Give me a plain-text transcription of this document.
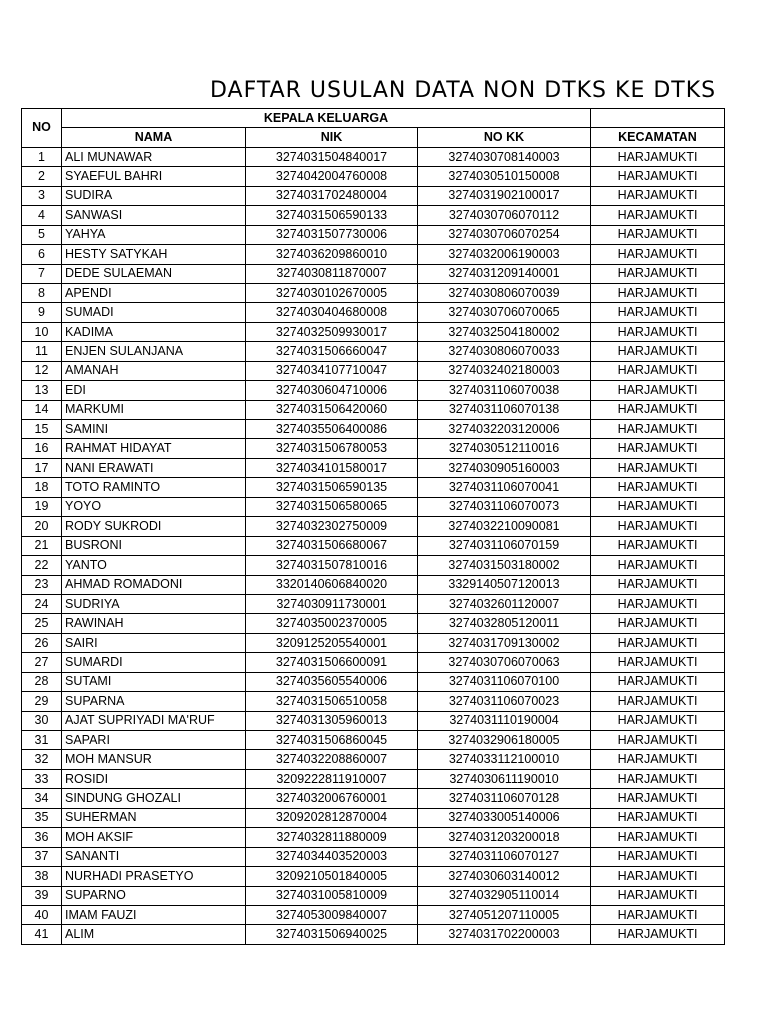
DAFTAR USULAN DATA NON DTKS KE DTKS
NO	KEPALA KELUARGA			
	NAMA	NIK	NO KK	KECAMATAN
1	ALI MUNAWAR	3274031504840017	3274030708140003	HARJAMUKTI
2	SYAEFUL BAHRI	3274042004760008	3274030510150008	HARJAMUKTI
3	SUDIRA	3274031702480004	3274031902100017	HARJAMUKTI
4	SANWASI	3274031506590133	3274030706070112	HARJAMUKTI
5	YAHYA	3274031507730006	3274030706070254	HARJAMUKTI
6	HESTY SATYKAH	3274036209860010	3274032006190003	HARJAMUKTI
7	DEDE SULAEMAN	3274030811870007	3274031209140001	HARJAMUKTI
8	APENDI	3274030102670005	3274030806070039	HARJAMUKTI
9	SUMADI	3274030404680008	3274030706070065	HARJAMUKTI
10	KADIMA	3274032509930017	3274032504180002	HARJAMUKTI
11	ENJEN SULANJANA	3274031506660047	3274030806070033	HARJAMUKTI
12	AMANAH	3274034107710047	3274032402180003	HARJAMUKTI
13	EDI	3274030604710006	3274031106070038	HARJAMUKTI
14	MARKUMI	3274031506420060	3274031106070138	HARJAMUKTI
15	SAMINI	3274035506400086	3274032203120006	HARJAMUKTI
16	RAHMAT HIDAYAT	3274031506780053	3274030512110016	HARJAMUKTI
17	NANI ERAWATI	3274034101580017	3274030905160003	HARJAMUKTI
18	TOTO RAMINTO	3274031506590135	3274031106070041	HARJAMUKTI
19	YOYO	3274031506580065	3274031106070073	HARJAMUKTI
20	RODY SUKRODI	3274032302750009	3274032210090081	HARJAMUKTI
21	BUSRONI	3274031506680067	3274031106070159	HARJAMUKTI
22	YANTO	3274031507810016	3274031503180002	HARJAMUKTI
23	AHMAD ROMADONI	3320140606840020	3329140507120013	HARJAMUKTI
24	SUDRIYA	3274030911730001	3274032601120007	HARJAMUKTI
25	RAWINAH	3274035002370005	3274032805120011	HARJAMUKTI
26	SAIRI	3209125205540001	3274031709130002	HARJAMUKTI
27	SUMARDI	3274031506600091	3274030706070063	HARJAMUKTI
28	SUTAMI	3274035605540006	3274031106070100	HARJAMUKTI
29	SUPARNA	3274031506510058	3274031106070023	HARJAMUKTI
30	AJAT SUPRIYADI MA'RUF	3274031305960013	3274031110190004	HARJAMUKTI
31	SAPARI	3274031506860045	3274032906180005	HARJAMUKTI
32	MOH MANSUR	3274032208860007	3274033112100010	HARJAMUKTI
33	ROSIDI	3209222811910007	3274030611190010	HARJAMUKTI
34	SINDUNG GHOZALI	3274032006760001	3274031106070128	HARJAMUKTI
35	SUHERMAN	3209202812870004	3274033005140006	HARJAMUKTI
36	MOH AKSIF	3274032811880009	3274031203200018	HARJAMUKTI
37	SANANTI	3274034403520003	3274031106070127	HARJAMUKTI
38	NURHADI PRASETYO	3209210501840005	3274030603140012	HARJAMUKTI
39	SUPARNO	3274031005810009	3274032905110014	HARJAMUKTI
40	IMAM FAUZI	3274053009840007	3274051207110005	HARJAMUKTI
41	ALIM	3274031506940025	3274031702200003	HARJAMUKTI
